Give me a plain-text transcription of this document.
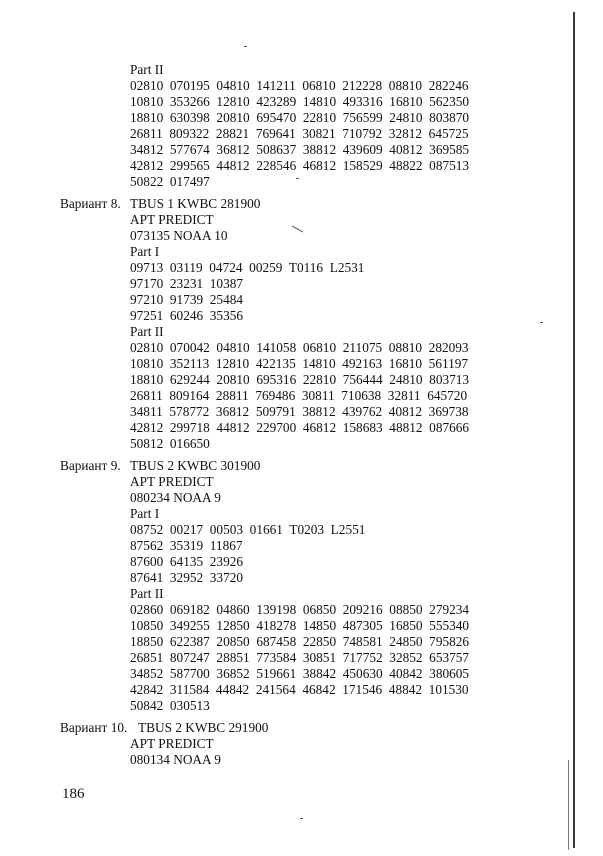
Part II
02810  070195  04810  141211  06810  212228  08810  282246
10810  353266  12810  423289  14810  493316  16810  562350
18810  630398  20810  695470  22810  756599  24810  803870
26811  809322  28821  769641  30821  710792  32812  645725
34812  577674  36812  508637  38812  439609  40812  369585
42812  299565  44812  228546  46812  158529  48822  087513
50822  017497
Вариант 8. TBUS 1 KWBC 281900
APT PREDICT
073135 NOAA 10
Part I
09713  03119  04724  00259  T0116  L2531
97170  23231  10387
97210  91739  25484
97251  60246  35356
Part II
02810  070042  04810  141058  06810  211075  08810  282093
10810  352113  12810  422135  14810  492163  16810  561197
18810  629244  20810  695316  22810  756444  24810  803713
26811  809164  28811  769486  30811  710638  32811  645720
34811  578772  36812  509791  38812  439762  40812  369738
42812  299718  44812  229700  46812  158683  48812  087666
50812  016650
Вариант 9. TBUS 2 KWBC 301900
APT PREDICT
080234 NOAA 9
Part I
08752  00217  00503  01661  T0203  L2551
87562  35319  11867
87600  64135  23926
87641  32952  33720
Part II
02860  069182  04860  139198  06850  209216  08850  279234
10850  349255  12850  418278  14850  487305  16850  555340
18850  622387  20850  687458  22850  748581  24850  795826
26851  807247  28851  773584  30851  717752  32852  653757
34852  587700  36852  519661  38842  450630  40842  380605
42842  311584  44842  241564  46842  171546  48842  101530
50842  030513
Вариант 10. TBUS 2 KWBC 291900
APT PREDICT
080134 NOAA 9
186
